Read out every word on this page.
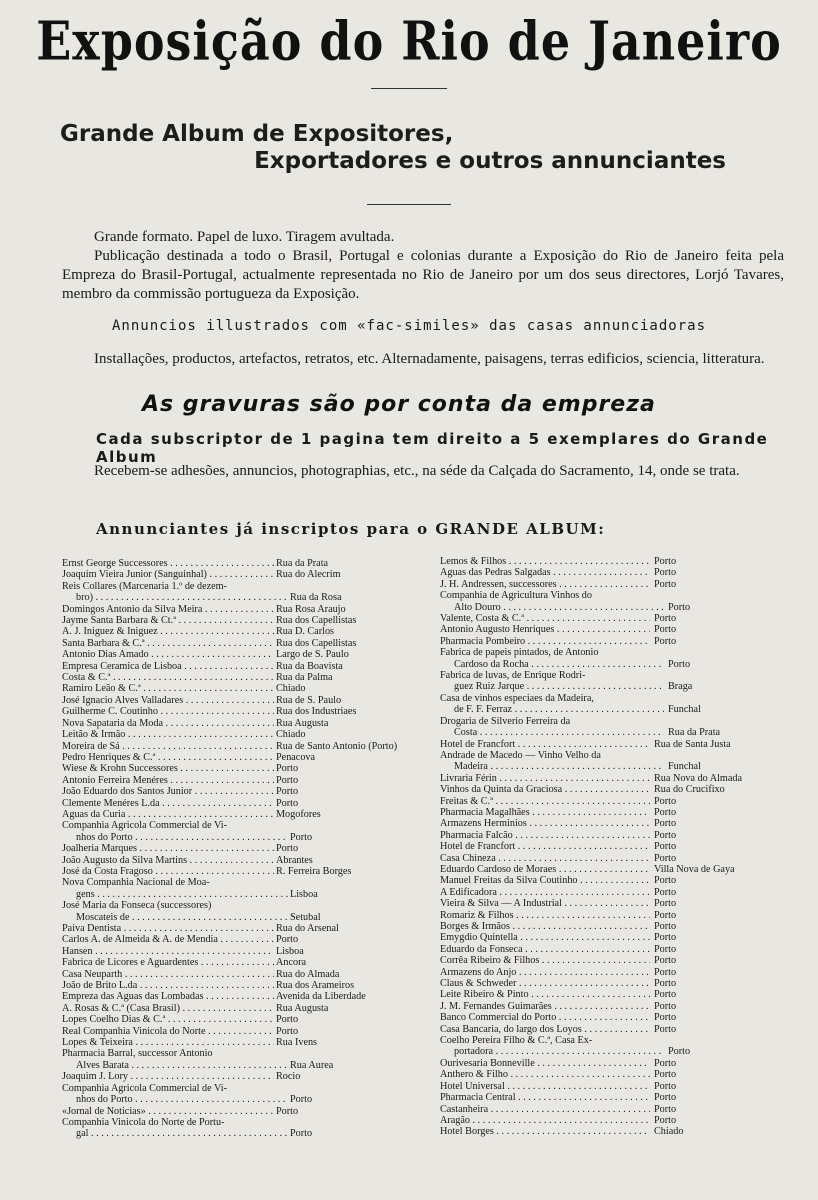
Exposição do Rio de Janeiro
Grande Album de Expositores,
Exportadores e outros annunciantes
Grande formato. Papel de luxo. Tiragem avultada.
Publicação destinada a todo o Brasil, Portugal e colonias durante a Exposição do Rio de Janeiro feita pela Empreza do Brasil-Portugal, actualmente representada no Rio de Janeiro por um dos seus directores, Lorjó Tavares, membro da commissão portugueza da Exposição.
Annuncios illustrados com «fac-similes» das casas annunciadoras
Installações, productos, artefactos, retratos, etc. Alternadamente, paisagens, terras edificios, sciencia, litteratura.
As gravuras são por conta da empreza
Cada subscriptor de 1 pagina tem direito a 5 exemplares do Grande Album
Recebem-se adhesões, annuncios, photographias, etc., na séde da Calçada do Sacramento, 14, onde se trata.
Annunciantes já inscriptos para o GRANDE ALBUM:
Ernst George Successores . . .	Rua da Prata
Joaquim Vieira Junior (Sanguinhal) . . .	Rua do Alecrim
Reis Collares (Marcenaria 1.º de dezem-
bro) . . .	Rua da Rosa
Domingos Antonio da Silva Meira . . .	Rua Rosa Araujo
Jayme Santa Barbara & Ct.ª . . .	Rua dos Capellistas
A. J. Iniguez & Iniguez . . .	Rua D. Carlos
Santa Barbara & C.ª . . .	Rua dos Capellistas
Antonio Dias Amado . . .	Largo de S. Paulo
Empresa Ceramica de Lisboa . . .	Rua da Boavista
Costa & C.ª . . .	Rua da Palma
Ramiro Leão & C.ª . . .	Chiado
José Ignacio Alves Valladares . . .	Rua de S. Paulo
Guilherme C. Coutinho . . .	Rua dos Industriaes
Nova Sapataria da Moda . . .	Rua Augusta
Leitão & Irmão . . .	Chiado
Moreira de Sá . . .	Rua de Santo Antonio (Porto)
Pedro Henriques & C.ª . . .	Penacova
Wiese & Krohn Successores . . .	Porto
Antonio Ferreira Menéres . . .	Porto
João Eduardo dos Santos Junior . . .	Porto
Clemente Menéres L.da . . .	Porto
Aguas da Curia . . .	Mogofores
Companhia Agricola Commercial de Vi-
nhos do Porto . . .	Porto
Joalheria Marques . . .	Porto
João Augusto da Silva Martins . . .	Abrantes
José da Costa Fragoso . . .	R. Ferreira Borges
Nova Companhia Nacional de Moa-
gens . . .	Lisboa
José Maria da Fonseca (successores)
Moscateis de . . .	Setubal
Paiva Dentista . . .	Rua do Arsenal
Carlos A. de Almeida & A. de Mendia . . .	Porto
Hansen . . .	Lisboa
Fabrica de Licores e Aguardentes . . .	Ancora
Casa Neuparth . . .	Rua do Almada
João de Brito L.da . . .	Rua dos Arameiros
Empreza das Aguas das Lombadas . . .	Avenida da Liberdade
A. Rosas & C.ª (Casa Brasil) . . .	Rua Augusta
Lopes Coelho Dias & C.ª . . .	Porto
Real Companhia Vinicola do Norte . . .	Porto
Lopes & Teixeira . . .	Rua Ivens
Pharmacia Barral, successor Antonio
Alves Barata . . .	Rua Aurea
Joaquim J. Lory . . .	Rocio
Companhia Agricola Commercial de Vi-
nhos do Porto . . .	Porto
«Jornal de Noticias» . . .	Porto
Companhia Vinicola do Norte de Portu-
gal . . .	Porto
Lemos & Filhos . . .	Porto
Aguas das Pedras Salgadas . . .	Porto
J. H. Andressen, successores . . .	Porto
Companhia de Agricultura Vinhos do
Alto Douro . . .	Porto
Valente, Costa & C.ª . . .	Porto
Antonio Augusto Henriques . . .	Porto
Pharmacia Pombeiro . . .	Porto
Fabrica de papeis pintados, de Antonio
Cardoso da Rocha . . .	Porto
Fabrica de luvas, de Enrique Rodri-
guez Ruiz Jarque . . .	Braga
Casa de vinhos especiaes da Madeira,
de F. F. Ferraz . . .	Funchal
Drogaria de Silverio Ferreira da
Costa . . .	Rua da Prata
Hotel de Francfort . . .	Rua de Santa Justa
Andrade de Macedo — Vinho Velho da
Madeira . . .	Funchal
Livraria Férin . . .	Rua Nova do Almada
Vinhos da Quinta da Graciosa . . .	Rua do Crucifixo
Freitas & C.ª . . .	Porto
Pharmacia Magalhães . . .	Porto
Armazens Herminios . . .	Porto
Pharmacia Falcão . . .	Porto
Hotel de Francfort . . .	Porto
Casa Chineza . . .	Porto
Eduardo Cardoso de Moraes . . .	Villa Nova de Gaya
Manuel Freitas da Silva Coutinho . . .	Porto
A Edificadora . . .	Porto
Vieira & Silva — A Industrial . . .	Porto
Romariz & Filhos . . .	Porto
Borges & Irmãos . . .	Porto
Emygdio Quintella . . .	Porto
Eduardo da Fonseca . . .	Porto
Corrêa Ribeiro & Filhos . . .	Porto
Armazens do Anjo . . .	Porto
Claus & Schweder . . .	Porto
Leite Ribeiro & Pinto . . .	Porto
J. M. Fernandes Guimarães . . .	Porto
Banco Commercial do Porto . . .	Porto
Casa Bancaria, do largo dos Loyos . . .	Porto
Coelho Pereira Filho & C.ª, Casa Ex-
portadora . . .	Porto
Ourivesaria Bonneville . . .	Porto
Anthero & Filho . . .	Porto
Hotel Universal . . .	Porto
Pharmacia Central . . .	Porto
Castanheira . . .	Porto
Aragão . . .	Porto
Hotel Borges . . .	Chiado
